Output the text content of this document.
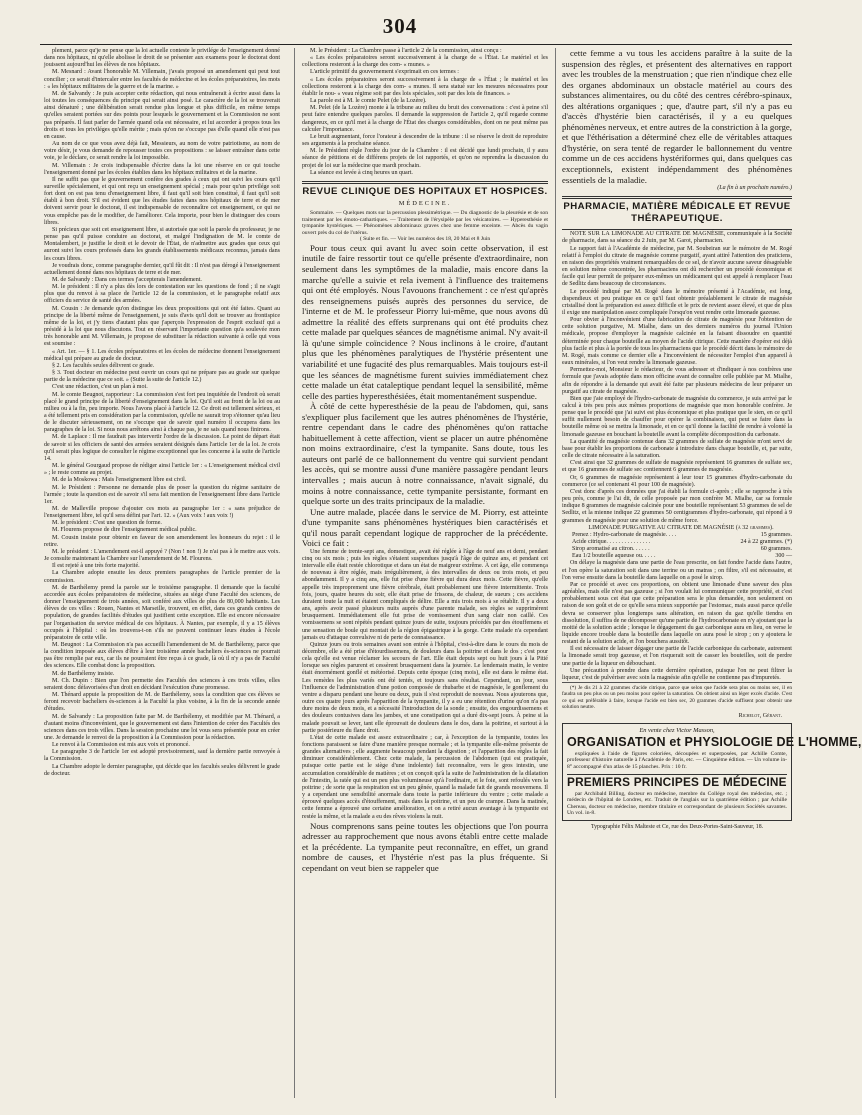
304

plement, parce qu'je ne pense que la loi actuelle conteste le privilége de l'enseignement donné dans nos hôpitaux, ni qu'elle abolisse le droit de se présenter aux examens pour le doctorat dont jouissent aujourd'hui les élèves de nos hôpitaux.

M. Mesnard : Avant l'honorable M. Villemain, j'avais proposé un amendement qui peut tout concilier ; ce serait d'intercaler entre les facultés de médecine et les écoles préparatoires, les mots : « les hôpitaux militaires de la guerre et de la marine. »

M. de Salvandy : Je puis accepter cette rédaction, qui nous entraînerait à écrire aussi dans la loi toutes les conséquences du principe qui serait ainsi posé. Le caractère de la loi se trouverait ainsi dénaturé ; une délibération serait rendue plus longue et plus difficile, en même temps qu'elles seraient portées sur des points pour lesquels le gouvernement et la Commission ne sont pas préparés. Il faut parler de l'armée quand cela est nécessaire, et lui accorder à propos tous les droits et tous les priviléges qu'elle mérite ; mais qu'on ne s'occupe pas d'elle quand elle n'est pas en cause.

Au nom de ce que vous avez déjà fait, Messieurs, au nom de votre patriotisme, au nom de votre désir, je vous demande de repousser toutes ces propositions : se laisser entraîner dans cette voie, je le déclare, ce serait rendre la loi impossible.

M. Villemain : Je crois indispensable d'écrire dans la loi une réserve en ce qui touche l'enseignement donné par les écoles établies dans les hôpitaux militaires et de la marine.

Il ne suffit pas que le gouvernement confère des grades à ceux qui ont suivi les cours qu'il surveille spécialement, et qui ont reçu un enseignement spécial ; mais pour qu'un privilége soit fort dont on est pas tenu d'enseignement libre, il faut qu'il soit bien constitué, il faut qu'il soit établi à bon droit. S'il est évident que les études faites dans nos hôpitaux de terre et de mer doivent servir pour le doctorat, il est indispensable de reconnaître cet enseignement, ce qui ne vous empêche pas de le modifier, de l'améliorer. Cela importe, pour bien le distinguer des cours libres.

Si précieux que soit cet enseignement libre, si autorisée que soit la parole du professeur, je ne pense pas qu'il puisse conduire au doctorat, et malgré l'indignation de M. le comte de Montalembert, je justifie le droit et le devoir de l'État, de n'admettre aux grades que ceux qui auront suivi les cours professés dans les grands établissements médicaux reconnus, jamais dans les cours libres.

Je voudrais donc, comme paragraphe dernier, qu'il fût dit : Il n'est pas dérogé à l'enseignement actuellement donné dans nos hôpitaux de terre et de mer.

M. de Salvandy : Dans ces termes j'accepterais l'amendement.

M. le président : Il n'y a plus dès lors de contestation sur les questions de fond ; il ne s'agit plus que du renvoi à sa place de l'article 12 de la commission, et le paragraphe relatif aux officiers du service de santé des armées.

M. Cousin : Je demande qu'on distingue les deux propositions qui ont été faites. Quant au principe de la liberté même de l'enseignement, je suis d'avis qu'il doit se trouver au frontispice même de la loi, et j'y tiens d'autant plus que j'aperçois l'expression de l'esprit exclusif qui a présidé à la loi que nous discutons. Tout en réservant l'importante question qu'a soulevée mon très honorable ami M. Villemain, je propose de substituer la rédaction suivante à celle qui vous est soumise :

« Art. 1er. — § 1. Les écoles préparatoires et les écoles de médecine donnent l'enseignement médical qui prépare au grade de docteur.

§ 2. Les facultés seules délivrent ce grade.

§ 3. Tout docteur en médecine peut ouvrir un cours qui ne prépare pas au grade sur quelque partie de la médecine que ce soit. » (Suite la suite de l'article 12.)

C'est une rédaction, c'est un plan à moi.

M. le comte Beugnot, rapporteur : La commission s'est fort peu inquiétée de l'endroit où serait placé le grand principe de la liberté d'enseignement dans la loi. Qu'il soit au front de la loi ou au milieu ou à la fin, peu importe. Nous l'avons placé à l'article 12. Ce droit est tellement sérieux, et a été tellement pris en considération par la commission, qu'elle ne saurait trop s'étonner qu'au lieu de le discuter sérieusement, on ne s'occupe que de savoir quel numéro il occupera dans les paragraphes de la loi. Si nous nous arrêtons ainsi à chaque pas, je ne sais quand nous finirons.

M. de Laplace : Il me faudrait pas intervertir l'ordre de la discussion. Le point de départ était de savoir si les officiers de santé des armées seraient désignés dans l'article 1er de la loi. Je crois qu'il serait plus logique de consulter le régime exceptionnel que les concerne à la suite de l'article 14.

M. le général Gourgaud propose de rédiger ainsi l'article 1er : « L'enseignement médical civil » ; le reste comme au projet.

M. de la Moskowa : Mais l'enseignement libre est civil.

M. le Président : Personne ne demande plus de poser la question du régime sanitaire de l'armée ; toute la question est de savoir s'il sera fait mention de l'enseignement libre dans l'article 1er.

M. de Malleville propose d'ajouter ces mots au paragraphe 1er : « sans préjudice de l'enseignement libre, tel qu'il sera défini par l'art. 12. » (Aux voix ! aux voix !)

M. le président : C'est une question de forme.

M. Flourens propose de dire l'enseignement médical public.

M. Cousin insiste pour obtenir en faveur de son amendement les honneurs du rejet : il le retire.

M. le président : L'amendement est-il appuyé ? (Non ! non !) Je n'ai pas à le mettre aux voix. Je consulte maintenant la Chambre sur l'amendement de M. Flourens.

Il est rejeté à une très forte majorité.

La Chambre adopte ensuite les deux premiers paragraphes de l'article premier de la commission.

M. de Barthélemy prend la parole sur le troisième paragraphe. Il demande que la faculté accordée aux écoles préparatoires de médecine, situées au siége d'une Faculté des sciences, de donner l'enseignement de trois années, soit conféré aux villes de plus de 80,000 habitants. Les élèves de ces villes : Rouen, Nantes et Marseille, trouvent, en effet, dans ces grands centres de population, de grandes facilités d'études qui justifient cette exception. Elle est encore nécessaire par l'organisation du service médical de ces hôpitaux. À Nantes, par exemple, il y a 15 élèves occupés à l'hôpital : où les trouvera-t-on s'ils ne peuvent continuer leurs études à l'école préparatoire de cette ville.

M. Beugnot : La Commission n'a pas accueilli l'amendement de M. de Barthélemy, parce que la condition imposée aux élèves d'être à leur troisième année bacheliers ès-sciences ne pourrait pas être remplie par eux, car ils ne pourraient être reçus à ce grade, là où il n'y a pas de Faculté des sciences. Elle combat donc la proposition.

M. de Barthélemy insiste.

M. Ch. Dupin : Bien que l'on permette des Facultés des sciences à ces trois villes, elles seraient donc défavorisées d'un droit en décidant l'exécution d'une promesse.

M. Thénard appuie la proposition de M. de Barthélemy, sous la condition que ces élèves se feront recevoir bacheliers ès-sciences à la Faculté la plus voisine, à la fin de la seconde année d'études.

M. de Salvandy : La proposition faite par M. de Barthélemy, et modifiée par M. Thénard, a d'autant moins d'inconvénient, que le gouvernement est dans l'intention de créer des Facultés des sciences dans ces trois villes. Dans la session prochaine une loi vous sera présentée pour en créer une. Je demande le renvoi de la proposition à la Commission pour la rédaction.

Le renvoi à la Commission est mis aux voix et prononcé.

Le paragraphe 3 de l'article 1er est adopté provisoirement, sauf la dernière partie renvoyée à la Commission.

La Chambre adopte le dernier paragraphe, qui décide que les facultés seules délivrent le grade de docteur.

M. le Président : La Chambre passe à l'article 2 de la commission, ainsi conçu :

« Les écoles préparatoires seront successivement à la charge de « l'État. Le matériel et les collections resteront à la charge des com- « munes. »

L'article primitif du gouvernement s'exprimait en ces termes :

« Les écoles préparatoires seront successivement à la charge de « l'État ; le matériel et les collections resteront à la charge des com- « munes. Il sera statué sur les mesures nécessaires pour établir le nou- « veau régime soit par des lois spéciales, soit par des lois de finances. »

La parole est à M. le comte Pelet (de la Lozère).

M. Pelet (de la Lozère) monte à la tribune au milieu du bruit des conversations : c'est à peine s'il peut faire entendre quelques paroles. Il demande la suppression de l'article 2, qu'il regarde comme dangereux, en ce qu'il met à la charge de l'État des charges considérables, dont on ne peut même pas calculer l'importance.

Le bruit augmentant, force l'orateur à descendre de la tribune : il se réserve le droit de reproduire ses arguments à la prochaine séance.

M. le Président règle l'ordre du jour de la Chambre : il est décidé que lundi prochain, il y aura séance de pétitions et de différens projets de loi rapportés, et qu'on ne reprendra la discussion du projet de loi sur la médecine que mardi prochain.

La séance est levée à cinq heures un quart.

REVUE CLINIQUE DES HOPITAUX ET HOSPICES.
MÉDECINE.

Sommaire. — Quelques mots sur la percussion plessimétrique. — Du diagnostic de la pleurésie et de son traitement par les émoto-cathartiques. — Traitement de l'érysipèle par les vésicatoires. — Hyperesthésie et tympanite hystériques. — Phénomènes abdominaux graves chez une femme enceinte. — Abcès du vagin ouvert près du col de l'utérus.

( Suite et fin. — Voir les numéros des 18, 20 Mai et 8 Juin

Pour tous ceux qui avant lu avec soin cette observation, il est inutile de faire ressortir tout ce qu'elle présente d'extraordinaire, non seulement dans les symptômes de la maladie, mais encore dans la marche qu'elle a suivie et rela ivement à l'influence des traitemens qui ont été employés. Nous l'avouons franchement : ce n'est qu'après des renseignemens puisés auprès des personnes du service, de l'interne et de M. le professeur Piorry lui-même, que nous avons dû admettre la réalité des effets surprenans qui ont été produits chez cette malade par quelques séances de magnétisme animal. N'y avait-il là qu'une simple coïncidence ? Nous inclinons à le croire, d'autant plus que les phénomènes paralytiques de l'hystérie présentent une variabilité et une fugacité des plus remarquables. Mais toujours est-il que les séances de magnétisme furent suivies immédiatement chez cette malade un état cataleptique pendant lequel la sensibilité, même celle des parties hyperesthésiées, était momentanément suspendue.

À côté de cette hyperesthésie de la peau de l'abdomen, qui, sans s'expliquer plus facilement que les autres phénomènes de l'hystérie, rentre cependant dans le cadre des phénomènes qu'on rattache habituellement à cette affection, vient se placer un autre phénomène non moins extraordinaire, c'est la tympanite. Sans doute, tous les auteurs ont parlé de ce ballonnement du ventre qui survient pendant les accès, qui se montre aussi d'une manière passagère pendant leurs intervalles ; mais aucun à notre connaissance, n'avait signalé, du moins à notre connaissance, cette tympanite persistante, formant en quelque sorte un des traits principaux de la maladie.

Une autre malade, placée dans le service de M. Piorry, est atteinte d'une tympanite sans phénomènes hystériques bien caractérisés et qu'il nous paraît cependant logique de rapprocher de la précédente. Voici ce fait :

Une femme de trente-sept ans, domestique, avait été réglée à l'âge de neuf ans et demi, pendant cinq ou six mois ; puis les règles s'étaient suspendues jusqu'à l'âge de quinze ans, et pendant cet intervalle elle était restée chlorotique et dans un état de maigreur extrême. À cet âge, elle commença de nouveau à être réglée, mais irrégulièrement, à des intervalles de deux ou trois mois, et peu abondamment. Il y a cinq ans, elle fut prise d'une fièvre qui dura deux mois. Cette fièvre, qu'elle appelle très improprement une fièvre cérébrale, était probablement une fièvre intermittente. Trois fois, jours, quatre heures du soir, elle était prise de frissons, de chaleur, de sueurs ; ces accidens duraient toute la nuit et étaient compliqués de délire. Elle a mis trois mois à se rétablir. Il y a deux ans, après avoir passé plusieurs nuits auprès d'une parente malade, ses règles se supprimèrent brusquement. Immédiatement elle fut prise de vomissement d'un sang clair non caillé. Ces vomissemens se sont répétés pendant quinze jours de suite, toujours précédés par des étouffemens et une sensation de boule qui montait de la région épigastrique à la gorge. Cette malade n'a cependant jamais eu d'attaque convulsive ni de perte de connaissance.

Quinze jours ou trois semaines avant son entrée à l'hôpital, c'est-à-dire dans le cours du mois de décembre, elle a été prise d'étourdissemens, de douleurs dans la poitrine et dans le dos ; c'est pour cela qu'elle est venue réclamer les secours de l'art. Elle était depuis sept ou huit jours à la Pitié lorsque ses règles parurent et cessèrent brusquement dans la journée. Le lendemain matin, le ventre était énormément gonflé et météorisé. Depuis cette époque (cinq mois), elle est dans le même état. Les remèdes les plus variés ont été tentés, et toujours sans résultat. Cependant, un jour, sous l'influence de l'administration d'une potion composée de rhubarbe et de magnésie, le gonflement du ventre a disparu pendant une heure ou deux, puis il s'est reproduit de nouveau. Nous ajouterons que, outre ces quatre jours après l'apparition de la tympanite, il y a eu une rétention d'urine qu'on n'a pas dure moins de deux mois, et a nécessité l'introduction de la sonde ; ensuite, des engourdissemens et des douleurs contusives dans les jambes, et une constipation qui a duré dix-sept jours. À peine si la malade pouvait se lever, tant elle éprouvait de douleurs dans le dos, dans la poitrine, et surtout à la partie postérieure du flanc droit.

L'état de cette malade est assez extraordinaire ; car, à l'exception de la tympanite, toutes les fonctions paraissent se faire d'une manière presque normale ; et la tympanite elle-même présente de grandes alternatives ; elle augmente beaucoup pendant la digestion ; et l'apparition des règles la fait diminuer considérablement. Chez cette malade, la percussion de l'abdomen (qui est pratiquée, puisque cette partie est le siège d'une indolente) fait reconnaître, vers le gros intestin, une accumulation considérable de matières ; et on conçoit qu'à la suite de l'administration de la dilatation de l'intestin, la ratée qui est un peu plus volumineuse qu'à l'ordinaire, et le foie, sont refoulés vers la poitrine ; de sorte que la respiration est un peu gênée, quand la malade fait de grands mouvemens. Il y a cependant une sensibilité anormale dans toute la partie inférieure du ventre ; cette malade a éprouvé quelques accès d'étouffement, mais dans la poitrine, et un peu de crampe. Dans la matinée, cette femme a éprouvé une certaine amélioration, et on a retiré aucun avantage à la tympanite est restée la même, et la malade a eu des rêves violens la nuit.

Nous comprenons sans peine toutes les objections que l'on pourra adresser au rapprochement que nous avons établi entre cette malade et la précédente. La tympanite peut reconnaître, en effet, un grand nombre de causes, et l'hystérie n'est pas la plus fréquente. Si cependant on veut bien se rappeler que

cette femme a vu tous les accidens paraître à la suite de la suspension des règles, et présentent des alternatives en rapport avec les troubles de la menstruation ; que rien n'indique chez elle des organes abdominaux un obstacle matériel au cours des substances alimentaires, ou du côté des centres cérébro-spinaux, des altérations organiques ; que, d'autre part, s'il n'y a pas eu d'accès d'hystérie bien caractérisés, il y a eu quelques phénomènes nerveux, et entre autres de la constriction à la gorge, et que l'éthérisation a déterminé chez elle de véritables attaques d'hystérie, on sera tenté de regarder le ballonnement du ventre comme un de ces accidens hystériformes qui, dans quelques cas exceptionnels, existent indépendamment des phénomènes essentiels de la maladie.

(La fin à un prochain numéro.)

PHARMACIE, MATIÈRE MÉDICALE ET REVUE THÉRAPEUTIQUE.

NOTE SUR LA LIMONADE AU CITRATE DE MAGNÉSIE, communiquée à la Société de pharmacie, dans sa séance du 2 Juin, par M. Garot, pharmacien.

Le rapport fait à l'Académie de médecine, par M. Soubeiran sur le mémoire de M. Rogé relatif à l'emploi du citrate de magnésie comme purgatif, ayant attiré l'attention des praticiens, en raison des propriétés vraiment remarquables de ce sel, de n'avoir aucune saveur désagréable en solution même concentrée, les pharmaciens ont dû rechercher un procédé économique et facile qui leur permît de préparer eux-mêmes un médicament qui est appelé à remplacer l'eau de Sedlitz dans beaucoup de circonstances.

Le procédé indiqué par M. Rogé dans le mémoire présenté à l'Académie, est long, dispendieux et peu pratique en ce qu'il faut obtenir préalablement le citrate de magnésie cristallisé dont la préparation est assez difficile et le prix de revient assez élevé, et que de plus il exige une manipulation assez compliquée l'orsqu'on veut rendre cette limonade gazeuse.

Pour obvier à l'inconvénient d'une fabrication de citrate de magnésie pour l'obtention de cette solution purgative, M. Mialhe, dans un des derniers numéros du journal l'Union médicale, propose d'employer la magnésie calcinée en la faisant dissoudre en quantité déterminée pour chaque bouteille au moyen de l'acide citrique. Cette manière d'opérer est déjà plus facile et plus à la portée de tous les pharmaciens que le procédé décrit dans le mémoire de M. Rogé, mais comme ce dernier elle a l'inconvénient de nécessiter l'emploi d'un appareil à eaux minérales, si l'on veut rendre la limonade gazeuse.

Permettez-moi, Monsieur le rédacteur, de vous adresser et d'indiquer à nos confrères une formule que j'avais adoptée dans mon officine avant de connaître celle publiée par M. Mialhe, afin de répondre à la demande qui avait été faite par plusieurs médecins de leur préparer un purgatif au citrate de magnésie.

Bien que j'aie employé de l'hydro-carbonate de magnésie du commerce, je suis arrivé par le calcul à très peu près aux mêmes proportions de magnésie que mon honorable confrère. Je pense que le procédé que j'ai suivi est plus économique et plus pratique que le sien, en ce qu'il suffit nullement besoin de chauffer pour opérer la combinaison, qui peut se faire dans la bouteille même où se mettra la limonade, et en ce qu'il donne la facilité de rendre à volonté la limonade gazeuse en bouchant la bouteille avant la complète décomposition du carbonate.

La quantité de magnésie contenue dans 32 grammes de sulfate de magnésie m'ont servi de base pour établir les proportions de carbonate à introduire dans chaque bouteille, et, par suite, celle de citrate nécessaire à la saturation.

C'est ainsi que 32 grammes de sulfate de magnésie représentent 16 grammes de sulfate sec, et que 16 grammes de sulfate sec contiennent 6 grammes de magnésie.

Or, 6 grammes de magnésie représentent à leur tour 15 grammes d'hydro-carbonate du commerce (ce sel contenant 41 pour 100 de magnésie).

C'est donc d'après ces données que j'ai établi la formule ci-après ; elle se rapproche à très peu près, comme je l'ai dit, de celle proposée par mon confrère M. Mialhe, car sa formule indique 8 grammes de magnésie calcinée pour une bouteille représentant 53 grammes de sel de Sedlitz, et la mienne indique 22 grammes 50 centigrammes d'hydro-carbonate, qui répond à 9 grammes de magnésie pour une solution de même force.

LIMONADE PURGATIVE AU CITRATE DE MAGNÉSIE (à 32 grammes).

Prenez : Hydro-carbonate de magnésie. . . .	15 grammes.
Acide citrique. . . . . . . . . . . . . . .	24 à 22 grammes. (*)
Sirop aromatisé au citron. . . . . .	60 grammes.
Eau 1/2 bouteille aqueuse ou. . . . .	300 —

On délaye la magnésie dans une partie de l'eau prescrite, on fait fondre l'acide dans l'autre, et l'on opère la saturation soit dans une terrine ou un matras ; on filtre, s'il est nécessaire, et l'on verse ensuite dans la bouteille dans laquelle on a posé le sirop.

Par ce procédé et avec ces proportions, on obtient une limonade d'une saveur des plus agréables, mais elle n'est pas gazeuse ; si l'on voulait lui communiquer cette propriété, et c'est probablement sous cet état que cette préparation sera le plus demandée, non seulement on raison de son goût et de ce qu'elle sera mieux supportée par l'estomac, mais aussi parce qu'elle devra se conserver plus longtemps sans altération, en raison du gaz qu'elle tiendra en dissolution, il suffira de ne décomposer qu'une partie de l'hydrocarbonate en n'y ajoutant que la moitié de la solution acide ; lorsque le dégagement du gaz carbonique aura en lieu, on verse le liquide encore trouble dans la bouteille dans laquelle on aura posé le sirop ; on y ajoutera le restant de la solution acide, et l'on bouchera aussitôt.

Il est nécessaire de laisser dégager une partie de l'acide carbonique du carbonate, autrement la limonade serait trop gazeuse, et l'on risquerait soit de casser les bouteilles, soit de perdre une partie de la liqueur en débouchant.

Une précaution à prendre dans cette dernière opération, puisque l'on ne peut filtrer la liqueur, c'est de pulvériser avec soin la magnésie afin qu'elle ne contienne pas d'impuretés.

(*) Je dis 21 à 22 grammes d'acide citrique, parce que selon que l'acide sera plus ou moins sec, il en faudra un peu plus ou un peu moins pour opérer la saturation. On obtient ainsi un léger excès d'acide. C'est ce qui est préférable à faire, lorsque l'acide est bien sec, 20 grammes d'acide suffisent pour obtenir une solution neutre.

Richelot, Gérant.
En vente chez Victor Masson,
ORGANISATION et PHYSIOLOGIE DE L'HOMME,

expliquées à l'aide de figures coloriées, découpées et superposées, par Achille Comte, professeur d'histoire naturelle à l'Académie de Paris, etc. — Cinquième édition. — Un volume in-8° accompagné d'un atlas de 15 planches. Prix : 10 fr.

PREMIERS PRINCIPES DE MÉDECINE

par Archibald Billing, docteur en médecine, membre du Collége royal des médecins, etc. ; médecin de l'hôpital de Londres, etc. Traduit de l'anglais sur la quatrième édition ; par Achille Chereau, docteur en médecine, membre titulaire et correspondant de plusieurs Sociétés savantes. Un vol. in-8.

Typographie Félix Malteste et Ce, rue des Deux-Portes-Saint-Sauveur, 18.
